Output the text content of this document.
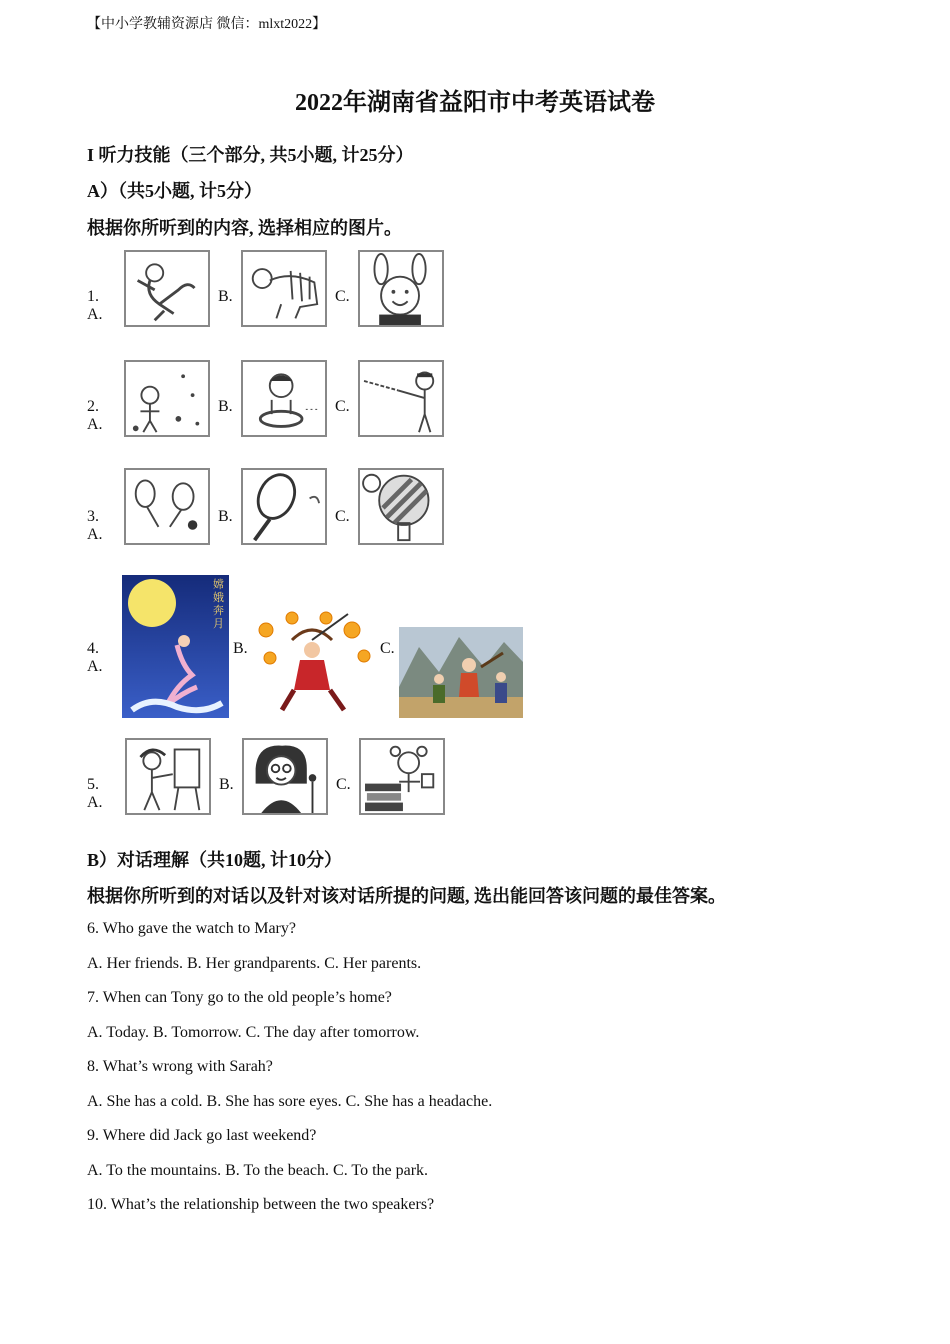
【中小学教辅资源店 微信：mlxt2022】
2022年湖南省益阳市中考英语试卷
I 听力技能（三个部分, 共5小题, 计25分）
A）（共5小题, 计5分）
根据你所听到的内容, 选择相应的图片。
1. A.
B.	C.
2. A.
B.	C.
3. A.
B.	C.
4. A.
嫦娥奔月
B.	C.
5. A.
B.	C.
B）对话理解（共10题, 计10分）
根据你所听到的对话以及针对该对话所提的问题, 选出能回答该问题的最佳答案。
6. Who gave the watch to Mary?
A. Her friends. B. Her grandparents. C. Her parents.
7. When can Tony go to the old people’s home?
A. Today. B. Tomorrow. C. The day after tomorrow.
8. What’s wrong with Sarah?
A. She has a cold. B. She has sore eyes. C. She has a headache.
9. Where did Jack go last weekend?
A. To the mountains. B. To the beach. C. To the park.
10. What’s the relationship between the two speakers?
